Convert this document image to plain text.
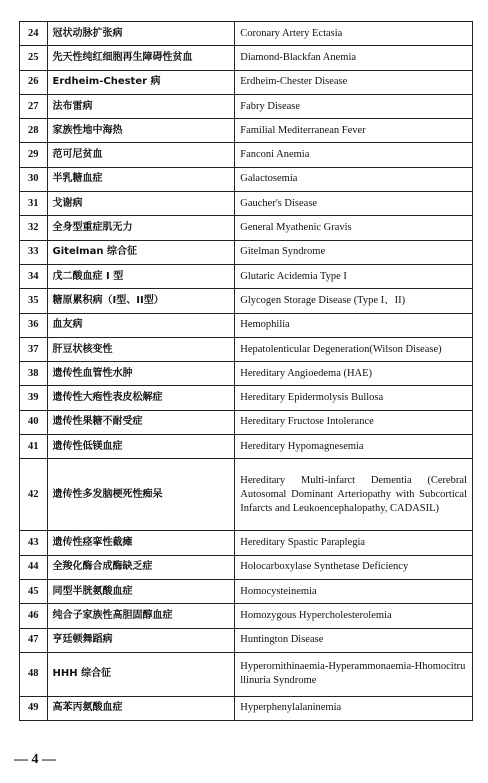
24	冠状动脉扩张病	Coronary Artery Ectasia
25	先天性纯红细胞再生障碍性贫血	Diamond-Blackfan Anemia
26	Erdheim-Chester 病	Erdheim-Chester Disease
27	法布雷病	Fabry Disease
28	家族性地中海热	Familial Mediterranean Fever
29	范可尼贫血	Fanconi Anemia
30	半乳糖血症	Galactosemia
31	戈谢病	Gaucher's Disease
32	全身型重症肌无力	General Myathenic Gravis
33	Gitelman 综合征	Gitelman Syndrome
34	戊二酸血症 I 型	Glutaric Acidemia Type I
35	糖原累积病（I型、II型）	Glycogen Storage Disease (Type I、II)
36	血友病	Hemophilia
37	肝豆状核变性	Hepatolenticular Degeneration(Wilson Disease)
38	遗传性血管性水肿	Hereditary Angioedema (HAE)
39	遗传性大疱性表皮松解症	Hereditary Epidermolysis Bullosa
40	遗传性果糖不耐受症	Hereditary Fructose Intolerance
41	遗传性低镁血症	Hereditary Hypomagnesemia
42	遗传性多发脑梗死性痴呆	Hereditary Multi-infarct Dementia (Cerebral Autosomal Dominant Arteriopathy with Subcortical Infarcts and Leukoencephalopathy, CADASIL)
43	遗传性痉挛性截瘫	Hereditary Spastic Paraplegia
44	全羧化酶合成酶缺乏症	Holocarboxylase Synthetase Deficiency
45	同型半胱氨酸血症	Homocysteinemia
46	纯合子家族性高胆固醇血症	Homozygous Hypercholesterolemia
47	亨廷顿舞蹈病	Huntington Disease
48	HHH 综合征	Hyperornithinaemia-Hyperammonaemia-Hhomocitrullinuria Syndrome
49	高苯丙氨酸血症	Hyperphenylalaninemia
— 4 —
